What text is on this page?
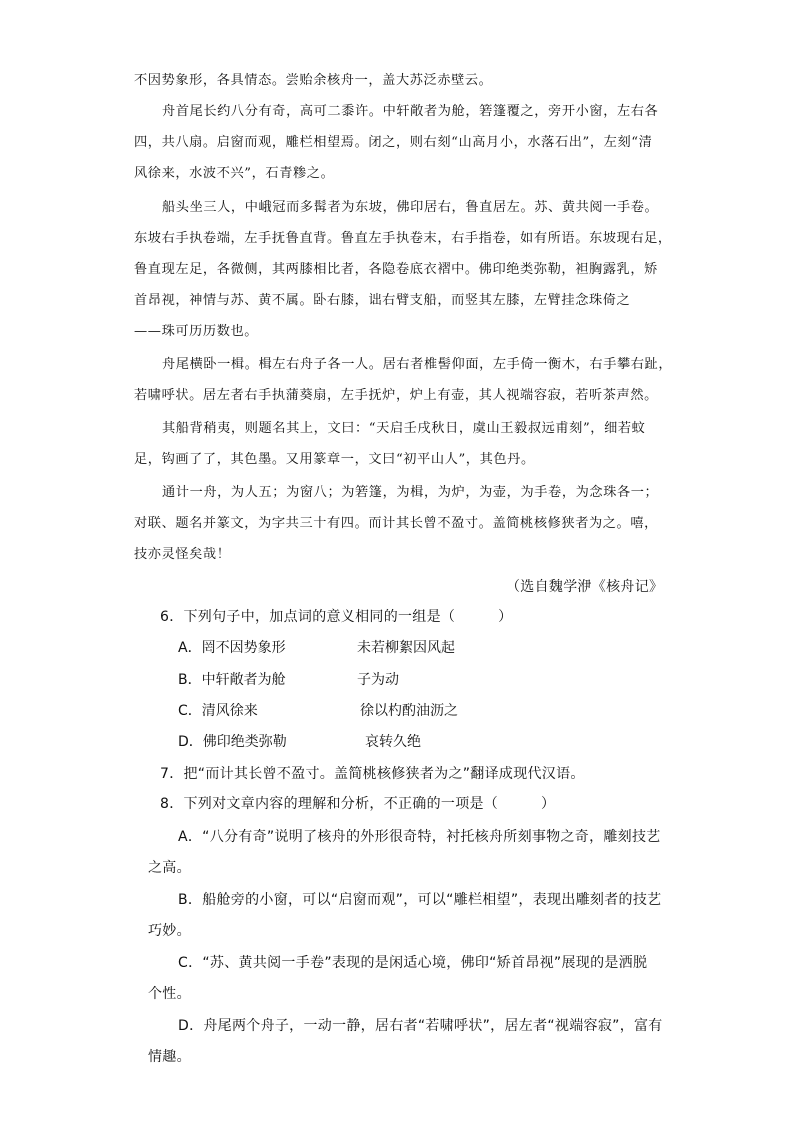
不因势象形，各具情态。尝贻余核舟一，盖大苏泛赤壁云。
舟首尾长约八分有奇，高可二黍许。中轩敞者为舱，箬篷覆之，旁开小窗，左右各
四，共八扇。启窗而观，雕栏相望焉。闭之，则右刻“山高月小，水落石出”，左刻“清
风徐来，水波不兴”，石青糁之。
船头坐三人，中峨冠而多髯者为东坡，佛印居右，鲁直居左。苏、黄共阅一手卷。
东坡右手执卷端，左手抚鲁直背。鲁直左手执卷末，右手指卷，如有所语。东坡现右足，
鲁直现左足，各微侧，其两膝相比者，各隐卷底衣褶中。佛印绝类弥勒，袒胸露乳，矫
首昂视，神情与苏、黄不属。卧右膝，诎右臂支船，而竖其左膝，左臂挂念珠倚之
——珠可历历数也。
舟尾横卧一楫。楫左右舟子各一人。居右者椎髻仰面，左手倚一衡木，右手攀右趾，
若啸呼状。居左者右手执蒲葵扇，左手抚炉，炉上有壶，其人视端容寂，若听茶声然。
其船背稍夷，则题名其上，文曰：“天启壬戌秋日，虞山王毅叔远甫刻”，细若蚊
足，钩画了了，其色墨。又用篆章一，文曰“初平山人”，其色丹。
通计一舟，为人五；为窗八；为箬篷，为楫，为炉，为壶，为手卷，为念珠各一；
对联、题名并篆文，为字共三十有四。而计其长曾不盈寸。盖简桃核修狭者为之。嘻，
技亦灵怪矣哉！
（选自魏学洢《核舟记》
6．下列句子中，加点词的意义相同的一组是（　　　）
A．罔不因势象形	未若柳絮因风起
B．中轩敞者为舱	子为动
C．清风徐来	徐以杓酌油沥之
D．佛印绝类弥勒	哀转久绝
7．把“而计其长曾不盈寸。盖简桃核修狭者为之”翻译成现代汉语。
8．下列对文章内容的理解和分析，不正确的一项是（　　　）
A．“八分有奇”说明了核舟的外形很奇特，衬托核舟所刻事物之奇，雕刻技艺
之高。
B．船舱旁的小窗，可以“启窗而观”，可以“雕栏相望”，表现出雕刻者的技艺
巧妙。
C．“苏、黄共阅一手卷”表现的是闲适心境，佛印“矫首昂视”展现的是洒脱
个性。
D．舟尾两个舟子，一动一静，居右者“若啸呼状”，居左者“视端容寂”，富有
情趣。
